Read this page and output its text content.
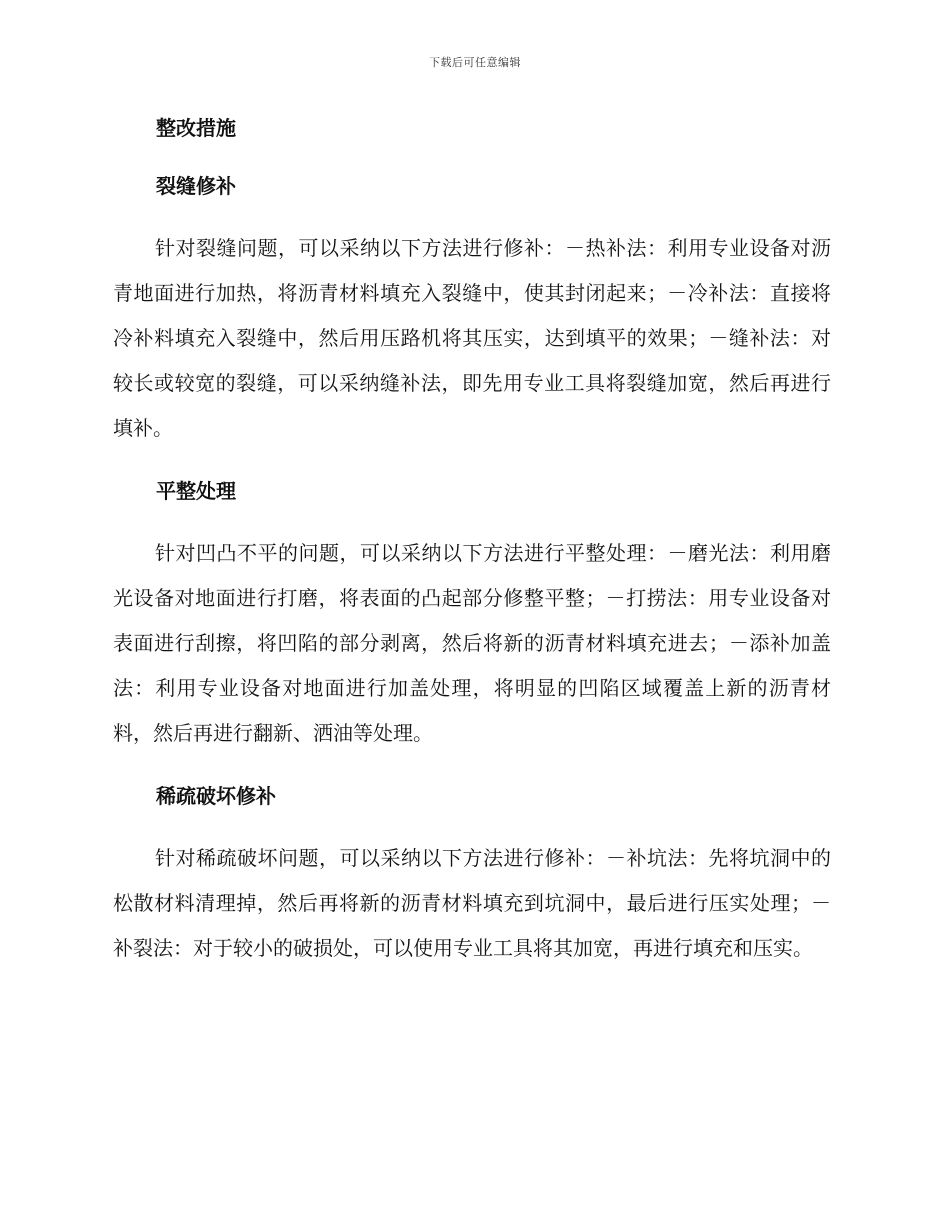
下载后可任意编辑
整改措施
裂缝修补

针对裂缝问题，可以采纳以下方法进行修补：－热补法：利用专业设备对沥青地面进行加热，将沥青材料填充入裂缝中，使其封闭起来；－冷补法：直接将冷补料填充入裂缝中，然后用压路机将其压实，达到填平的效果；－缝补法：对较长或较宽的裂缝，可以采纳缝补法，即先用专业工具将裂缝加宽，然后再进行填补。

平整处理

针对凹凸不平的问题，可以采纳以下方法进行平整处理：－磨光法：利用磨光设备对地面进行打磨，将表面的凸起部分修整平整；－打捞法：用专业设备对表面进行刮擦，将凹陷的部分剥离，然后将新的沥青材料填充进去；－添补加盖法：利用专业设备对地面进行加盖处理，将明显的凹陷区域覆盖上新的沥青材料，然后再进行翻新、洒油等处理。

稀疏破坏修补

针对稀疏破坏问题，可以采纳以下方法进行修补：－补坑法：先将坑洞中的松散材料清理掉，然后再将新的沥青材料填充到坑洞中，最后进行压实处理；－补裂法：对于较小的破损处，可以使用专业工具将其加宽，再进行填充和压实。
